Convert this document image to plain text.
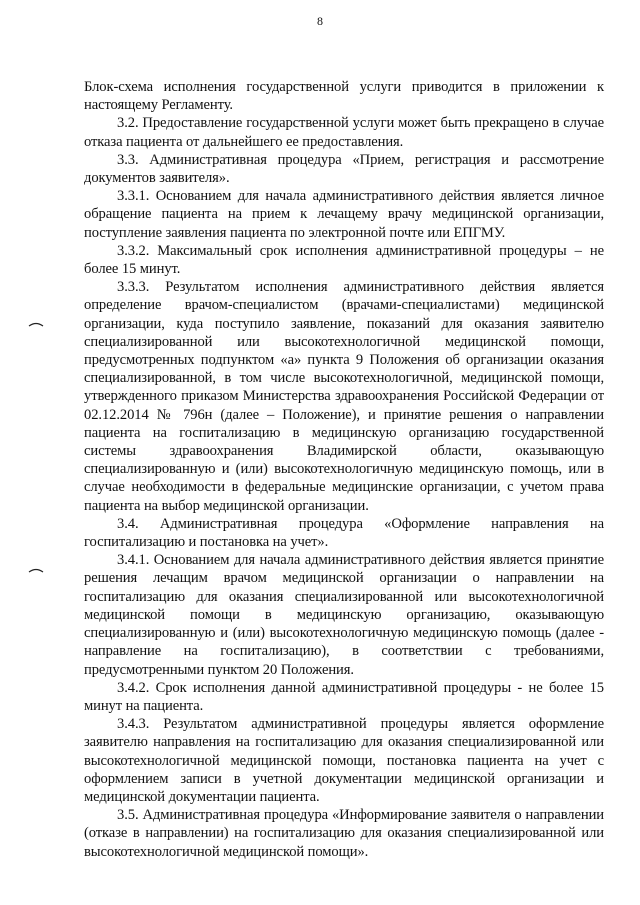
8

Блок-схема исполнения государственной услуги приводится в приложении к настоящему Регламенту.

3.2. Предоставление государственной услуги может быть прекращено в случае отказа пациента от дальнейшего ее предоставления.

3.3. Административная процедура «Прием, регистрация и рассмотрение документов заявителя».

3.3.1. Основанием для начала административного действия является личное обращение пациента на прием к лечащему врачу медицинской организации, поступление заявления пациента по электронной почте или ЕПГМУ.

3.3.2. Максимальный срок исполнения административной процедуры – не более 15 минут.

3.3.3. Результатом исполнения административного действия является определение врачом-специалистом (врачами-специалистами) медицинской организации, куда поступило заявление, показаний для оказания заявителю специализированной или высокотехнологичной медицинской помощи, предусмотренных подпунктом «а» пункта 9 Положения об организации оказания специализированной, в том числе высокотехнологичной, медицинской помощи, утвержденного приказом Министерства здравоохранения Российской Федерации от 02.12.2014 № 796н (далее – Положение), и принятие решения о направлении пациента на госпитализацию в медицинскую организацию государственной системы здравоохранения Владимирской области, оказывающую специализированную и (или) высокотехнологичную медицинскую помощь, или в случае необходимости в федеральные медицинские организации, с учетом права пациента на выбор медицинской организации.

3.4. Административная процедура «Оформление направления на госпитализацию и постановка на учет».

3.4.1. Основанием для начала административного действия является принятие решения лечащим врачом медицинской организации о направлении на госпитализацию для оказания специализированной или высокотехнологичной медицинской помощи в медицинскую организацию, оказывающую специализированную и (или) высокотехнологичную медицинскую помощь (далее - направление на госпитализацию), в соответствии с требованиями, предусмотренными пунктом 20 Положения.

3.4.2. Срок исполнения данной административной процедуры - не более 15 минут на пациента.

3.4.3. Результатом административной процедуры является оформление заявителю направления на госпитализацию для оказания специализированной или высокотехнологичной медицинской помощи, постановка пациента на учет с оформлением записи в учетной документации медицинской организации и медицинской документации пациента.

3.5. Административная процедура «Информирование заявителя о направлении (отказе в направлении) на госпитализацию для оказания специализированной или высокотехнологичной медицинской помощи».
